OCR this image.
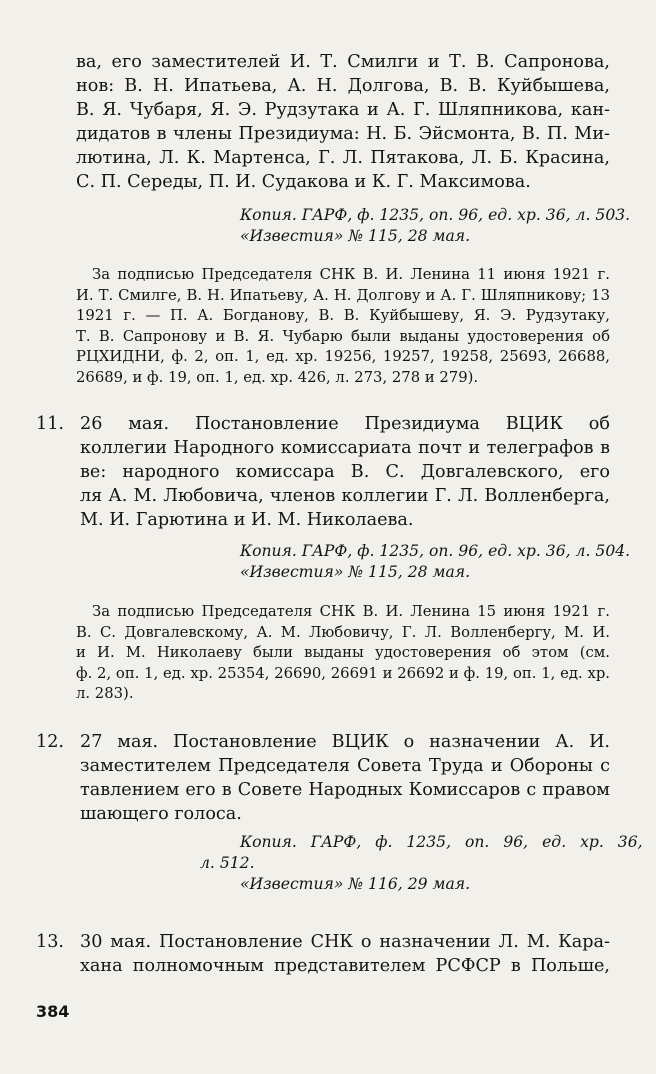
ва, его заместителей И. Т. Смилги и Т. В. Сапронова,
нов: В. Н. Ипатьева, А. Н. Долгова, В. В. Куйбышева,
В. Я. Чубаря, Я. Э. Рудзутака и А. Г. Шляпникова, кан-
дидатов в члены Президиума: Н. Б. Эйсмонта, В. П. Ми-
лютина, Л. К. Мартенса, Г. Л. Пятакова, Л. Б. Красина,
С. П. Середы, П. И. Судакова и К. Г. Максимова.
Копия. ГАРФ, ф. 1235, оп. 96, ед. хр. 36, л. 503.
«Известия» № 115, 28 мая.
За подписью Председателя СНК В. И. Ленина 11 июня 1921 г.
И. Т. Смилге, В. Н. Ипатьеву, А. Н. Долгову и А. Г. Шляпникову; 13
1921 г. — П. А. Богданову, В. В. Куйбышеву, Я. Э. Рудзутаку,
Т. В. Сапронову и В. Я. Чубарю были выданы удостоверения об
РЦХИДНИ, ф. 2, оп. 1, ед. хр. 19256, 19257, 19258, 25693, 26688,
26689, и ф. 19, оп. 1, ед. хр. 426, л. 273, 278 и 279).
11. 26 мая. Постановление Президиума ВЦИК об
коллегии Народного комиссариата почт и телеграфов в
ве: народного комиссара В. С. Довгалевского, его
ля А. М. Любовича, членов коллегии Г. Л. Волленберга,
М. И. Гарютина и И. М. Николаева.
Копия. ГАРФ, ф. 1235, оп. 96, ед. хр. 36, л. 504.
«Известия» № 115, 28 мая.
За подписью Председателя СНК В. И. Ленина 15 июня 1921 г.
В. С. Довгалевскому, А. М. Любовичу, Г. Л. Волленбергу, М. И.
и И. М. Николаеву были выданы удостоверения об этом (см.
ф. 2, оп. 1, ед. хр. 25354, 26690, 26691 и 26692 и ф. 19, оп. 1, ед. хр.
л. 283).
12. 27 мая. Постановление ВЦИК о назначении А. И.
заместителем Председателя Совета Труда и Обороны с
тавлением его в Совете Народных Комиссаров с правом
шающего голоса.
Копия. ГАРФ, ф. 1235, оп. 96, ед. хр. 36,
л. 512.
«Известия» № 116, 29 мая.
13. 30 мая. Постановление СНК о назначении Л. М. Кара-
хана полномочным представителем РСФСР в Польше,
384
